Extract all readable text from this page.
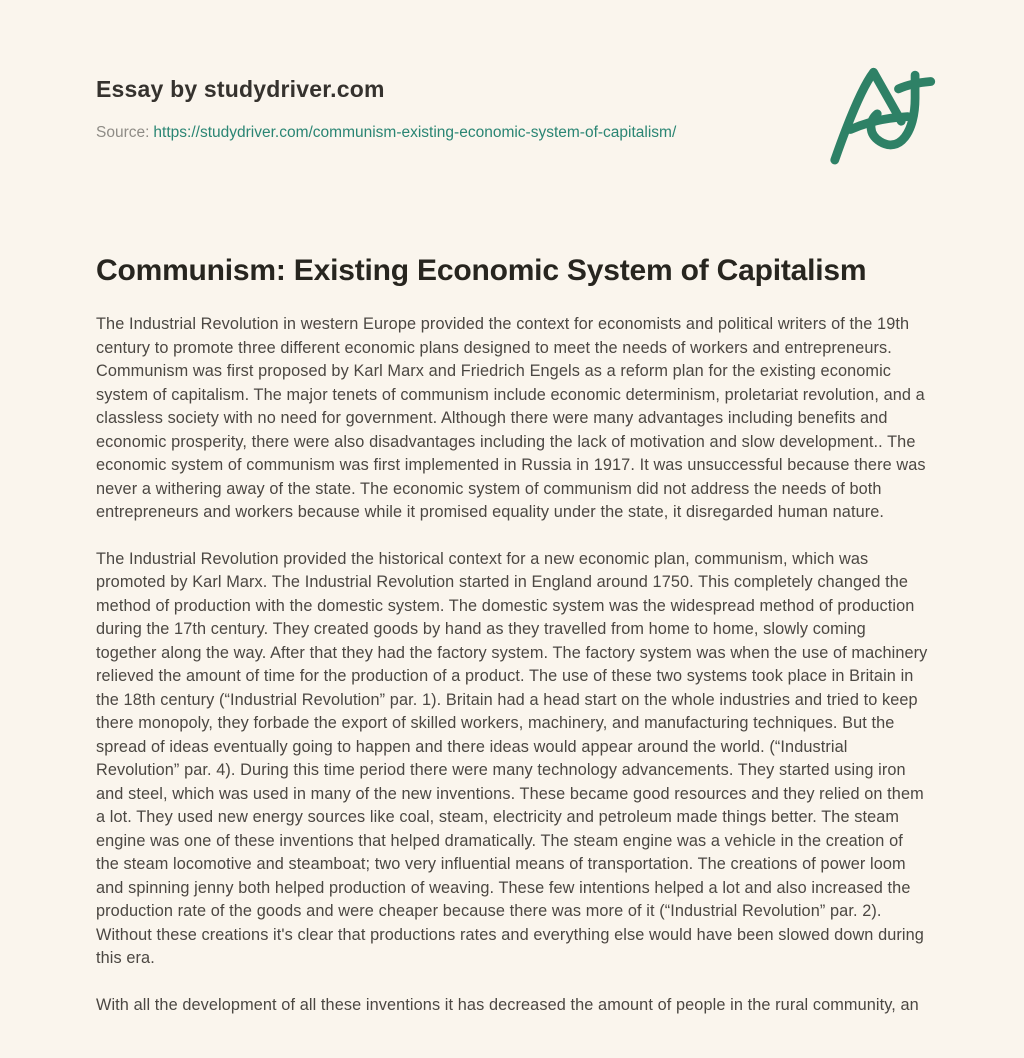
Essay by studydriver.com
Source: https://studydriver.com/communism-existing-economic-system-of-capitalism/
Communism: Existing Economic System of Capitalism

The Industrial Revolution in western Europe provided the context for economists and political writers of the 19th century to promote three different economic plans designed to meet the needs of workers and entrepreneurs. Communism was first proposed by Karl Marx and Friedrich Engels as a reform plan for the existing economic system of capitalism. The major tenets of communism include economic determinism, proletariat revolution, and a classless society with no need for government. Although there were many advantages including benefits and economic prosperity, there were also disadvantages including the lack of motivation and slow development.. The economic system of communism was first implemented in Russia in 1917. It was unsuccessful because there was never a withering away of the state. The economic system of communism did not address the needs of both entrepreneurs and workers because while it promised equality under the state, it disregarded human nature.

The Industrial Revolution provided the historical context for a new economic plan, communism, which was promoted by Karl Marx. The Industrial Revolution started in England around 1750. This completely changed the method of production with the domestic system. The domestic system was the widespread method of production during the 17th century. They created goods by hand as they travelled from home to home, slowly coming together along the way. After that they had the factory system. The factory system was when the use of machinery relieved the amount of time for the production of a product. The use of these two systems took place in Britain in the 18th century (“Industrial Revolution” par. 1). Britain had a head start on the whole industries and tried to keep there monopoly, they forbade the export of skilled workers, machinery, and manufacturing techniques. But the spread of ideas eventually going to happen and there ideas would appear around the world. (“Industrial Revolution” par. 4). During this time period there were many technology advancements. They started using iron and steel, which was used in many of the new inventions. These became good resources and they relied on them a lot. They used new energy sources like coal, steam, electricity and petroleum made things better. The steam engine was one of these inventions that helped dramatically. The steam engine was a vehicle in the creation of the steam locomotive and steamboat; two very influential means of transportation. The creations of power loom and spinning jenny both helped production of weaving. These few intentions helped a lot and also increased the production rate of the goods and were cheaper because there was more of it (“Industrial Revolution” par. 2). Without these creations it's clear that productions rates and everything else would have been slowed down during this era.

With all the development of all these inventions it has decreased the amount of people in the rural community, an
